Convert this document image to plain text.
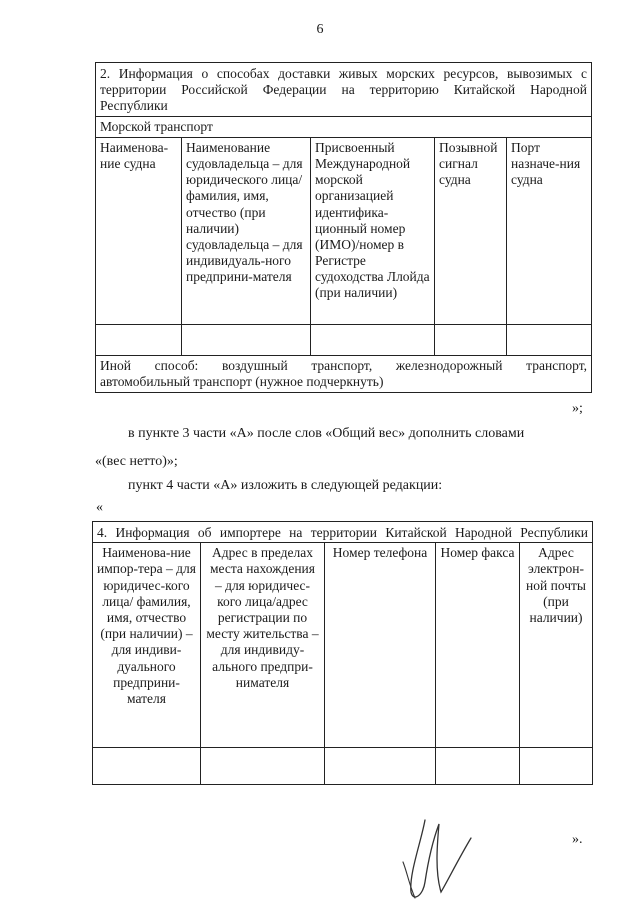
6
2. Информация о способах доставки живых морских ресурсов, вывозимых с территории Российской Федерации на территорию Китайской Народной Республики				
Морской транспорт				
Наименова-ние судна	Наименование судовладельца – для юридического лица/фамилия, имя, отчество (при наличии) судовладельца – для индивидуаль-ного предприни-мателя	Присвоенный Международной морской организацией идентифика-ционный номер (ИМО)/номер в Регистре судоходства Ллойда (при наличии)	Позывной сигнал судна	Порт назначе-ния судна

Иной способ: воздушный транспорт, железнодорожный транспорт,
автомобильный транспорт (нужное подчеркнуть)				
»;
в пункте 3 части «А» после слов «Общий вес» дополнить словами
«(вес нетто)»;
пункт 4 части «А» изложить в следующей редакции:
«
4. Информация об импортере на территории Китайской Народной Республики				

Наименова-ние импор-тера – для юридичес-кого лица/ фамилия, имя, отчество (при наличии) – для индиви-дуального предприни-мателя	Адрес в пределах места нахождения – для юридичес-кого лица/адрес регистрации по месту жительства – для индивиду-ального предпри-нимателя	Номер телефона	Номер факса	Адрес электрон-ной почты (при наличии)

».
